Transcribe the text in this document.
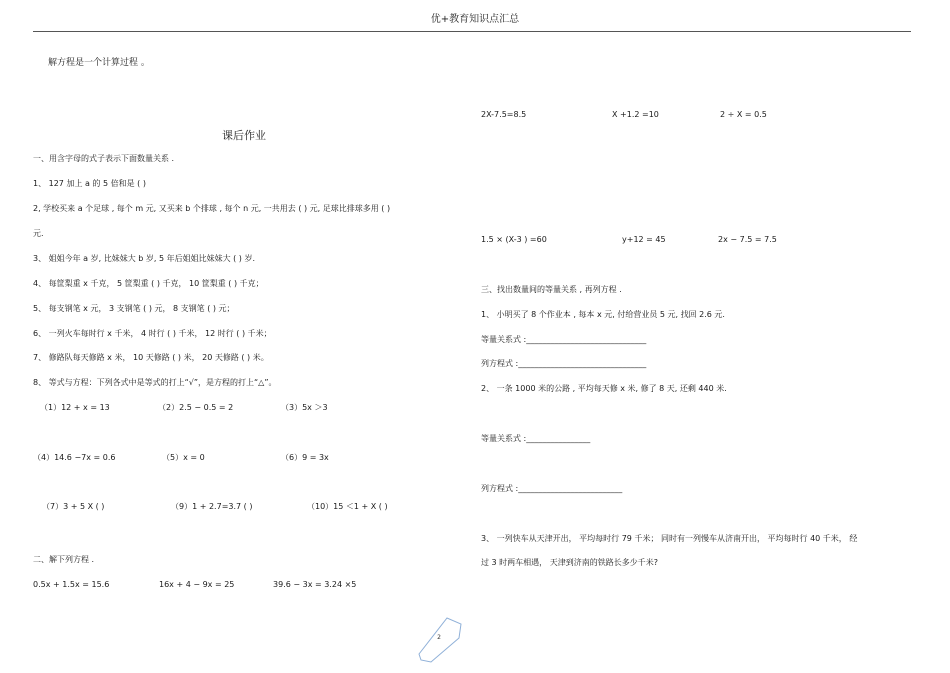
优+教育知识点汇总
解方程是一个计算过程 。
课后作业
一、用含字母的式子表示下面数量关系 .
1、 127 加上 a 的 5 倍和是 ( )
2, 学校买来 a 个足球 , 每个 m 元, 又买来 b 个排球 , 每个 n 元, 一共用去 ( ) 元, 足球比排球多用 ( )
元.
3、 姐姐今年 a 岁, 比妹妹大 b 岁, 5 年后姐姐比妹妹大 ( ) 岁.
4、 每筐梨重 x 千克， 5 筐梨重 ( ) 千克， 10 筐梨重 ( ) 千克；
5、 每支钢笔 x 元， 3 支钢笔 ( ) 元， 8 支钢笔 ( ) 元；
6、 一列火车每时行 x 千米， 4 时行 ( ) 千米， 12 时行 ( ) 千米；
7、 修路队每天修路 x 米， 10 天修路 ( ) 米， 20 天修路 ( ) 米。
8、 等式与方程：下列各式中是等式的打上“√”，是方程的打上“△”。
（1）12 + x = 13	（2）2.5 − 0.5 = 2	（3）5x ＞3
（4）14.6 −7x = 0.6	（5）x = 0	（6）9 = 3x
（7）3 + 5 X ( )	（9）1 + 2.7=3.7 ( )	（10）15 ＜1 + X ( )
二、解下列方程 .
0.5x + 1.5x = 15.6	16x + 4 − 9x = 25	39.6 − 3x = 3.24 ×5
2X-7.5=8.5	X +1.2 =10	2 ÷ X = 0.5
1.5 × (X-3 ) =60	y+12 = 45	2x − 7.5 = 7.5
三、找出数量间的等量关系 , 再列方程 .
1、 小明买了 8 个作业本 , 每本 x 元, 付给营业员 5 元, 找回 2.6 元.
等量关系式 :______________________________
列方程式 :________________________________
2、 一条 1000 米的公路 , 平均每天修 x 米, 修了 8 天, 还剩 440 米.
等量关系式 :________________
列方程式 :__________________________
3、 一列快车从天津开出， 平均每时行 79 千米； 同时有一列慢车从济南开出， 平均每时行 40 千米， 经
过 3 时两车相遇， 天津到济南的铁路长多少千米?
2
